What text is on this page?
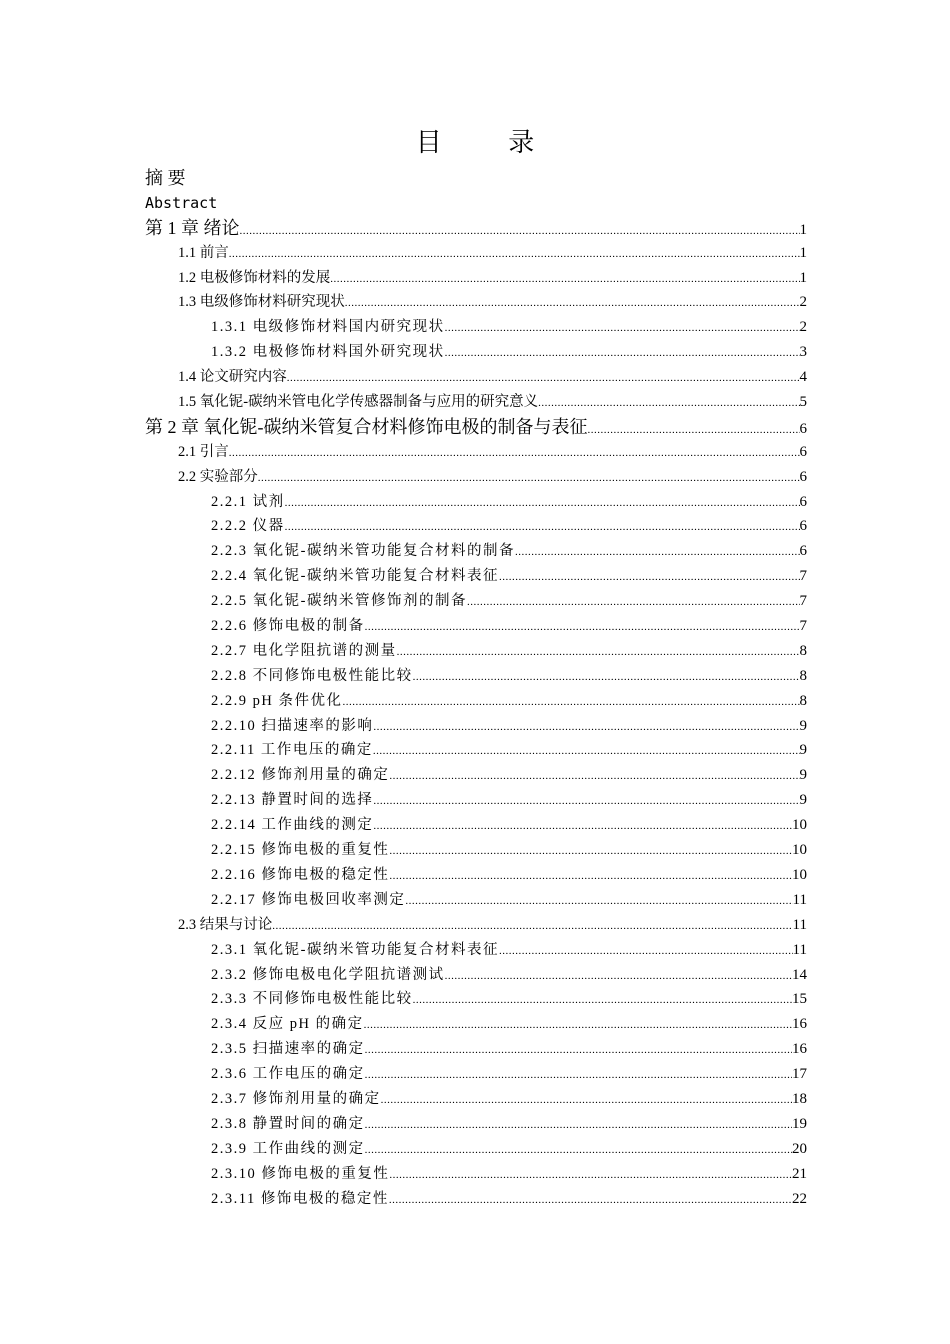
目 录
摘 要
Abstract
第 1 章 绪论 .....	1
1.1 前言 .....	1
1.2 电极修饰材料的发展 .....	1
1.3 电级修饰材料研究现状 .....	2
1.3.1 电级修饰材料国内研究现状 .....	2
1.3.2 电极修饰材料国外研究现状 .....	3
1.4 论文研究内容 .....	4
1.5 氧化铌-碳纳米管电化学传感器制备与应用的研究意义 .....	5
第 2 章 氧化铌-碳纳米管复合材料修饰电极的制备与表征 .....	6
2.1 引言 .....	6
2.2 实验部分 .....	6
2.2.1 试剂 .....	6
2.2.2 仪器 .....	6
2.2.3 氧化铌-碳纳米管功能复合材料的制备 .....	6
2.2.4 氧化铌-碳纳米管功能复合材料表征 .....	7
2.2.5 氧化铌-碳纳米管修饰剂的制备 .....	7
2.2.6 修饰电极的制备 .....	7
2.2.7 电化学阻抗谱的测量 .....	8
2.2.8 不同修饰电极性能比较 .....	8
2.2.9 pH 条件优化 .....	8
2.2.10 扫描速率的影响 .....	9
2.2.11 工作电压的确定 .....	9
2.2.12 修饰剂用量的确定 .....	9
2.2.13 静置时间的选择 .....	9
2.2.14 工作曲线的测定 .....	10
2.2.15 修饰电极的重复性 .....	10
2.2.16 修饰电极的稳定性 .....	10
2.2.17 修饰电极回收率测定 .....	11
2.3 结果与讨论 .....	11
2.3.1 氧化铌-碳纳米管功能复合材料表征 .....	11
2.3.2 修饰电极电化学阻抗谱测试 .....	14
2.3.3 不同修饰电极性能比较 .....	15
2.3.4 反应 pH 的确定 .....	16
2.3.5 扫描速率的确定 .....	16
2.3.6 工作电压的确定 .....	17
2.3.7 修饰剂用量的确定 .....	18
2.3.8 静置时间的确定 .....	19
2.3.9 工作曲线的测定 .....	20
2.3.10 修饰电极的重复性 .....	21
2.3.11 修饰电极的稳定性 .....	22
